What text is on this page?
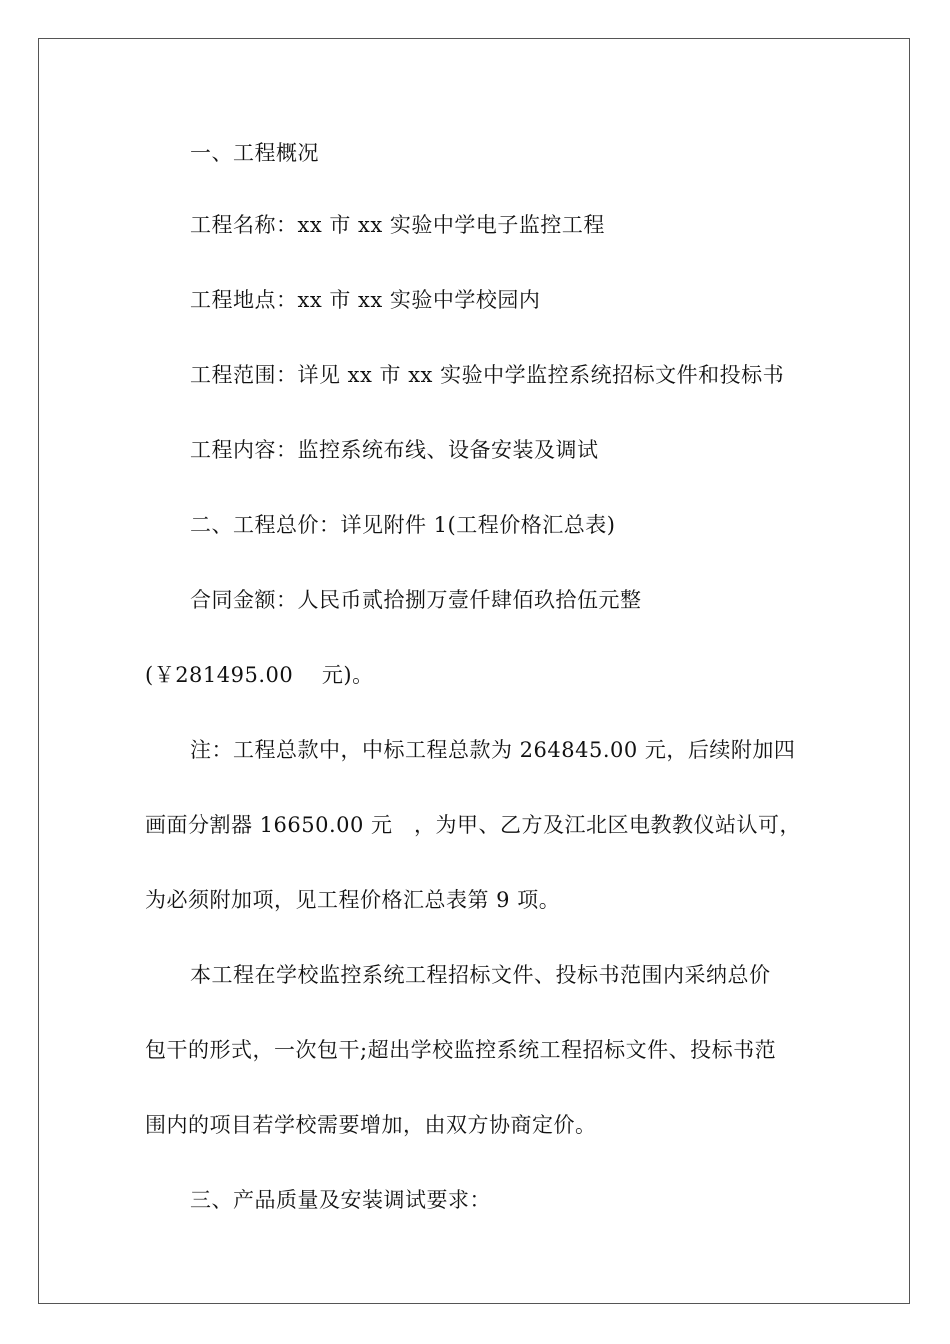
一、工程概况
工程名称：xx 市 xx 实验中学电子监控工程
工程地点：xx 市 xx 实验中学校园内
工程范围：详见 xx 市 xx 实验中学监控系统招标文件和投标书
工程内容：监控系统布线、设备安装及调试
二、工程总价：详见附件 1(工程价格汇总表)
合同金额：人民币贰拾捌万壹仟肆佰玖拾伍元整
(￥281495.00　 元)。
注：工程总款中，中标工程总款为 264845.00 元，后续附加四
画面分割器 16650.00 元　，为甲、乙方及江北区电教教仪站认可，
为必须附加项，见工程价格汇总表第 9 项。
本工程在学校监控系统工程招标文件、投标书范围内采纳总价
包干的形式，一次包干;超出学校监控系统工程招标文件、投标书范
围内的项目若学校需要增加，由双方协商定价。
三、产品质量及安装调试要求：
